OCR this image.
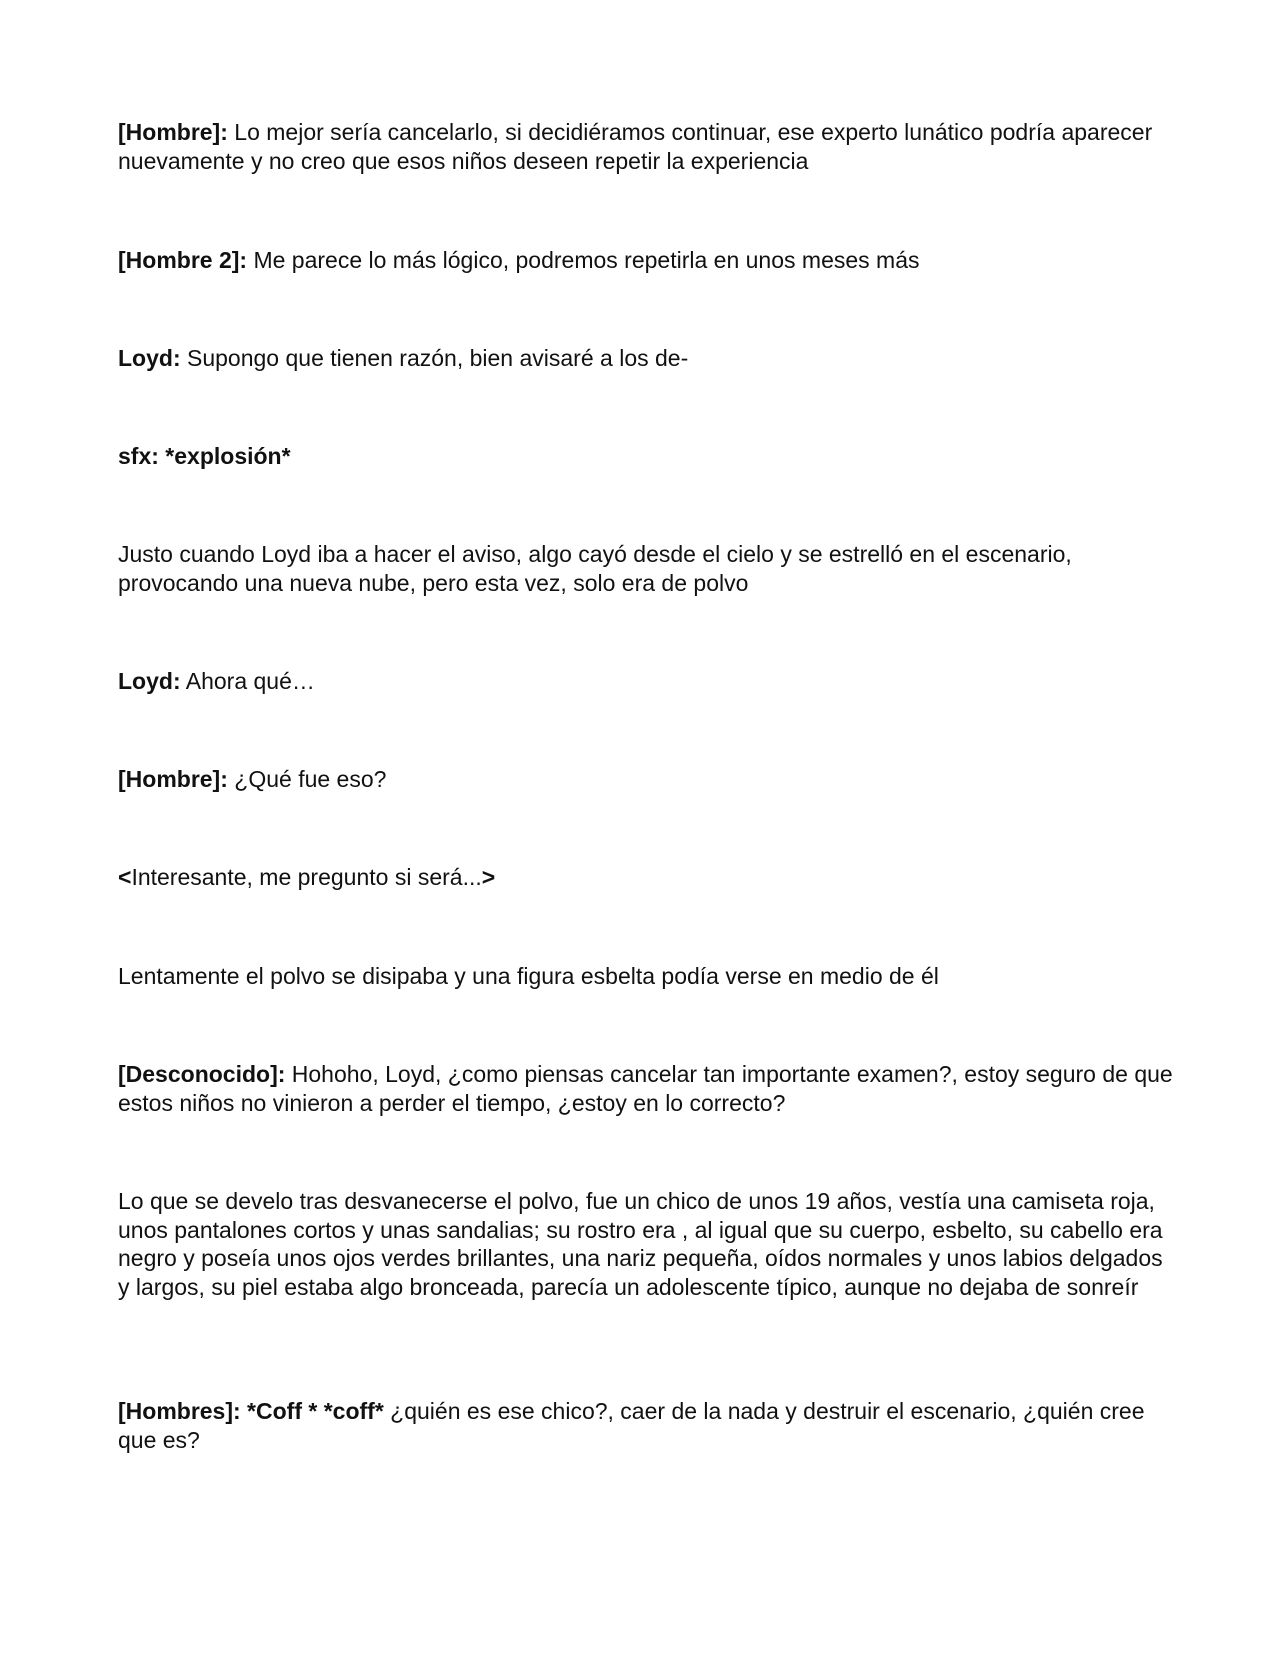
[Hombre]: Lo mejor sería cancelarlo, si decidiéramos continuar, ese experto lunático podría aparecer nuevamente y no creo que esos niños deseen repetir la experiencia

[Hombre 2]: Me parece lo más lógico, podremos repetirla en unos meses más

Loyd: Supongo que tienen razón, bien avisaré a los de-

sfx: *explosión*

Justo cuando Loyd iba a hacer el aviso, algo cayó desde el cielo y se estrelló en el escenario, provocando una nueva nube, pero esta vez, solo era de polvo

Loyd: Ahora qué…

[Hombre]: ¿Qué fue eso?

<Interesante, me pregunto si será...>

Lentamente el polvo se disipaba y una figura esbelta podía verse en medio de él

[Desconocido]: Hohoho, Loyd, ¿como piensas cancelar tan importante examen?, estoy seguro de que estos niños no vinieron a perder el tiempo, ¿estoy en lo correcto?

Lo que se develo tras desvanecerse el polvo, fue un chico de unos 19 años, vestía una camiseta roja, unos pantalones cortos y unas sandalias; su rostro era , al igual que su cuerpo, esbelto, su cabello era negro y poseía unos ojos verdes brillantes, una nariz pequeña, oídos normales y unos labios delgados y largos, su piel estaba algo bronceada, parecía un adolescente típico, aunque no dejaba de sonreír

[Hombres]: *Coff * *coff* ¿quién es ese chico?, caer de la nada y destruir el escenario, ¿quién cree que es?
